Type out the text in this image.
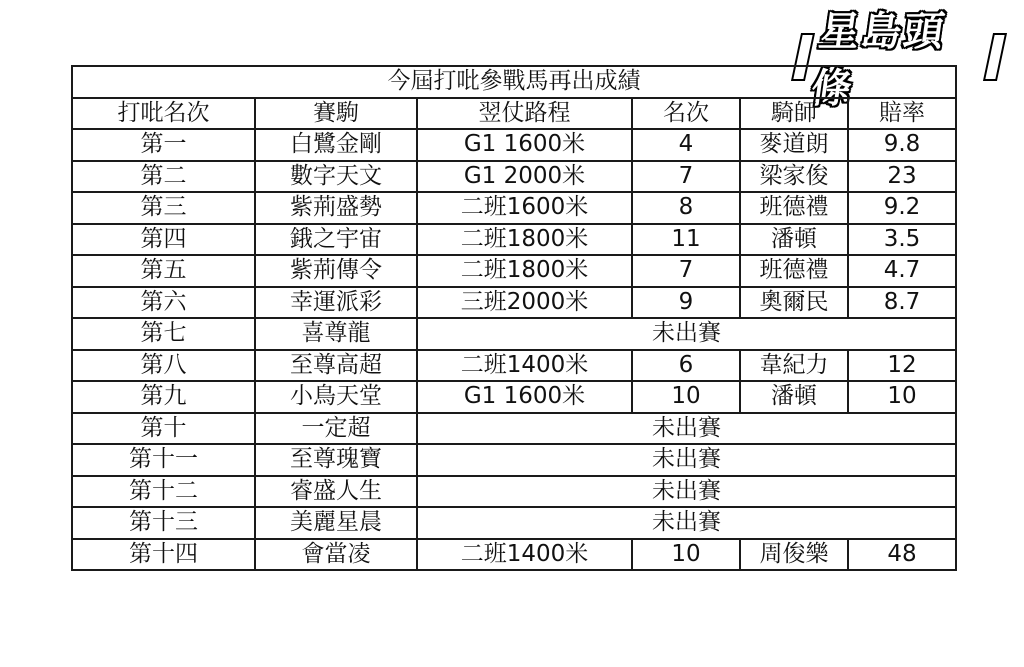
星島頭條
今屆打吡參戰馬再出成績					
打吡名次	賽駒	翌仗路程	名次	騎師	賠率
第一	白鷺金剛	G1 1600米	4	麥道朗	9.8
第二	數字天文	G1 2000米	7	梁家俊	23
第三	紫荊盛勢	二班1600米	8	班德禮	9.2
第四	鋨之宇宙	二班1800米	11	潘頓	3.5
第五	紫荊傳令	二班1800米	7	班德禮	4.7
第六	幸運派彩	三班2000米	9	奧爾民	8.7
第七	喜尊龍	未出賽			
第八	至尊高超	二班1400米	6	韋紀力	12
第九	小鳥天堂	G1 1600米	10	潘頓	10
第十	一定超	未出賽			
第十一	至尊瑰寶	未出賽			
第十二	睿盛人生	未出賽			
第十三	美麗星晨	未出賽			
第十四	會當凌	二班1400米	10	周俊樂	48
